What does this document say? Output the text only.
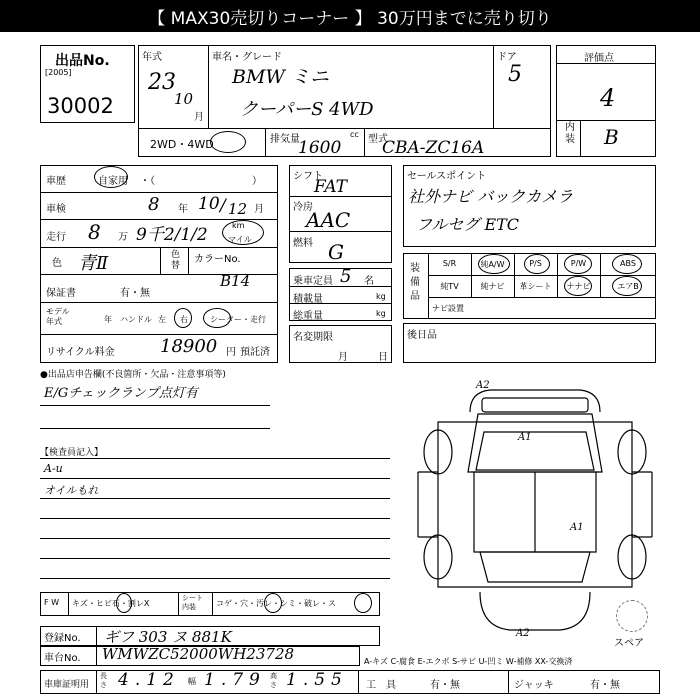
【 MAX30売切りコーナー 】 30万円までに売り切り
出品No.
[2005]
30002
年式
23
10
月
車名・グレード
BMW ミニ
クーパーS 4WD
ドア
5
2WD・4WD	排気量	cc
1600	型式
CBA-ZC16A
評価点
4
内装 B
車歴	自家用 ・（	）
車検	8 年 10 / 12 月
走行 8 万 9千2/1/2	km
マイル
色 青Ⅱ	色替
カラーNo.
B14
保証書	有・無
モデル年式	年 ハンドル 左 右	シーター・走行
リサイクル料金	18900 円 預託済
シフト
FAT
冷房
AAC
燃料 G
乗車定員 5 名
積載量	kg
総重量	kg
名変期限
月	日
セールスポイント
社外ナビ バックカメラ
フルセグ ETC
装備品
S/R	純A/W	P/S	P/W	ABS
純TV	純ナビ	革シート	ナナビ	エアB
ナビ設置
後日品
●出品店申告欄(不良箇所・欠品・注意事項等)
E/Gチェックランプ点灯有
【検査員記入】
A-u
オイルもれ
A2
A1
A1
A2
スペア
F W キズ・ヒビ石・割レX
シート内装	コゲ・穴・汚レ・シミ・破レ・ス
登録No. ギフ 303 ヌ 881K
車台No. WMWZC52000WH23728	A-キズ C-腐食 E-エクボ S-サビ U-凹ミ W-補修 XX-交換済
車庫証明用
長さ 4.12 幅 1.79 高さ 1.55 工具 有・無	ジャッキ	有・無
